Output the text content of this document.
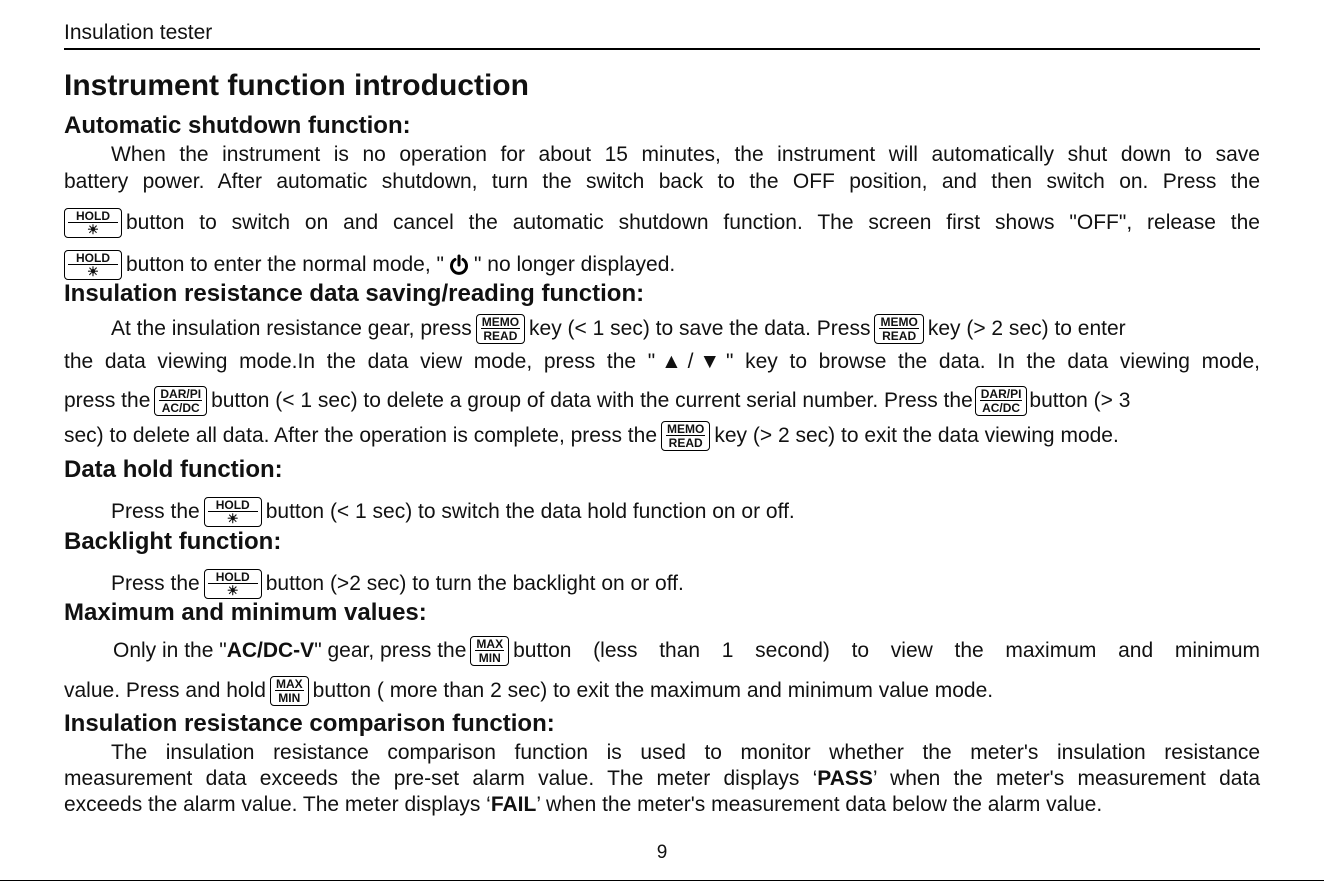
Insulation tester
Instrument function introduction
Automatic shutdown function:
When the instrument is no operation for about 15 minutes, the instrument will automatically shut down to save
battery power. After automatic shutdown, turn the switch back to the OFF position, and then switch on. Press the
HOLD
☀	button to switch on and cancel the automatic shutdown function. The screen first shows "OFF", release the
HOLD
☀	button to enter the normal mode, " " no longer displayed.
Insulation resistance data saving/reading function:
At the insulation resistance gear, press MEMO
READ key (< 1 sec) to save the data. Press MEMO
READ key (> 2 sec) to enter
the data viewing mode.In the data view mode, press the "▲/▼" key to browse the data. In the data viewing mode,
press the DAR/PI
AC/DC button (< 1 sec) to delete a group of data with the current serial number. Press the DAR/PI
AC/DC button (> 3
sec) to delete all data. After the operation is complete, press the MEMO
READ key (> 2 sec) to exit the data viewing mode.
Data hold function:
Press the	HOLD
☀	button (< 1 sec) to switch the data hold function on or off.
Backlight function:
Press the	HOLD
☀	button (>2 sec) to turn the backlight on or off.
Maximum and minimum values:
Only in the "AC/DC-V" gear, press the MAX
MIN button (less than 1 second) to view the maximum and minimum
value. Press and hold MAX
MIN button ( more than 2 sec) to exit the maximum and minimum value mode.
Insulation resistance comparison function:
The insulation resistance comparison function is used to monitor whether the meter's insulation resistance
measurement data exceeds the pre-set alarm value. The meter displays ‘PASS’ when the meter's measurement data
exceeds the alarm value. The meter displays ‘FAIL’ when the meter's measurement data below the alarm value.
9
